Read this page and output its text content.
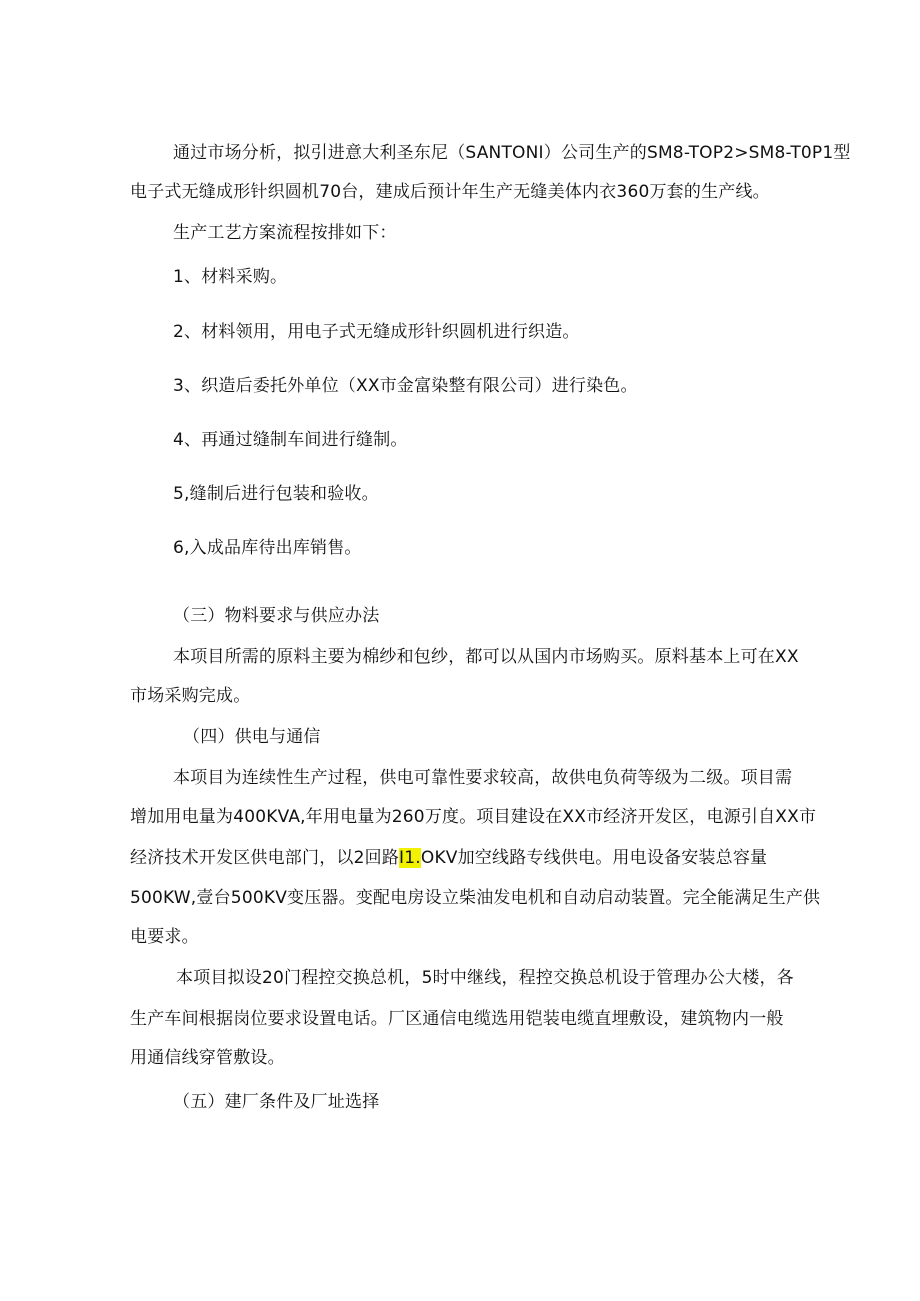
通过市场分析，拟引进意大利圣东尼（SANTONI）公司生产的SM8-TOP2>SM8-T0P1型
电子式无缝成形针织圆机70台，建成后预计年生产无缝美体内衣360万套的生产线。
生产工艺方案流程按排如下：
1、材料采购。
2、材料领用，用电子式无缝成形针织圆机进行织造。
3、织造后委托外单位（XX市金富染整有限公司）进行染色。
4、再通过缝制车间进行缝制。
5,缝制后进行包装和验收。
6,入成品库待出库销售。
（三）物料要求与供应办法
本项目所需的原料主要为棉纱和包纱，都可以从国内市场购买。原料基本上可在XX
市场采购完成。
（四）供电与通信
本项目为连续性生产过程，供电可靠性要求较高，故供电负荷等级为二级。项目需
增加用电量为400KVA,年用电量为260万度。项目建设在XX市经济开发区，电源引自XX市
经济技术开发区供电部门，以2回路I1.OKV加空线路专线供电。用电设备安装总容量
500KW,壹台500KV变压器。变配电房设立柴油发电机和自动启动装置。完全能满足生产供
电要求。
本项目拟设20门程控交换总机，5时中继线，程控交换总机设于管理办公大楼，各
生产车间根据岗位要求设置电话。厂区通信电缆选用铠装电缆直埋敷设，建筑物内一般
用通信线穿管敷设。
（五）建厂条件及厂址选择
